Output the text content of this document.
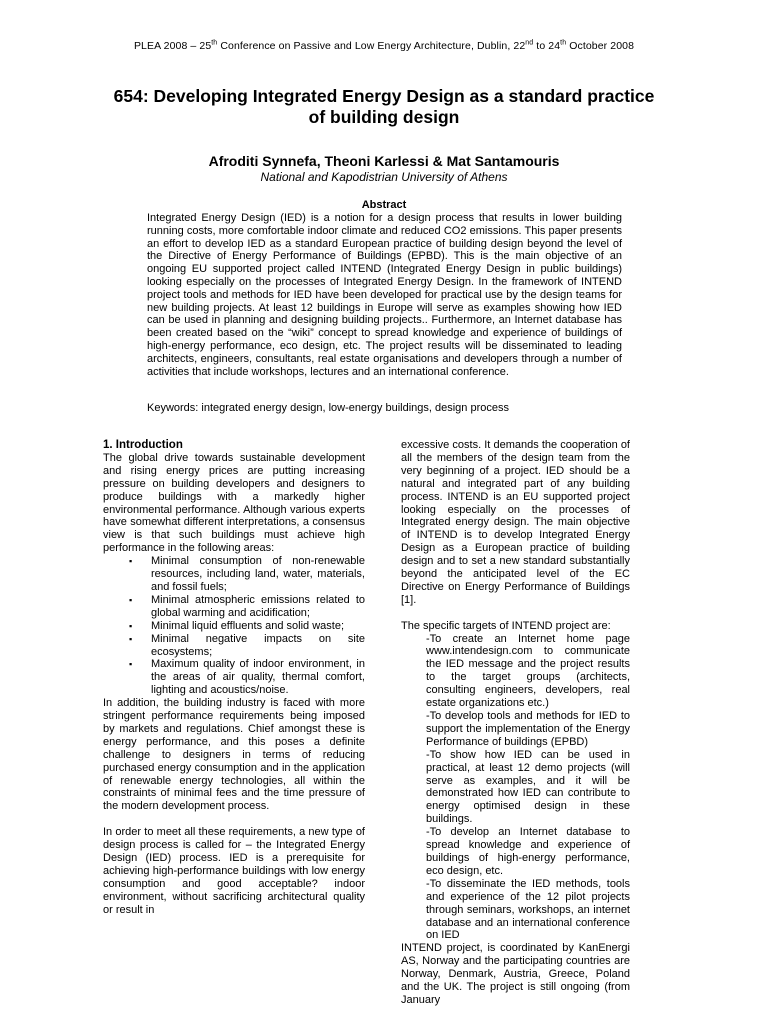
PLEA 2008 – 25th Conference on Passive and Low Energy Architecture, Dublin, 22nd to 24th October 2008
654: Developing Integrated Energy Design as a standard practice of building design
Afroditi Synnefa, Theoni Karlessi & Mat Santamouris
National and Kapodistrian University of Athens
Abstract
Integrated Energy Design (IED) is a notion for a design process that results in lower building running costs, more comfortable indoor climate and reduced CO2 emissions. This paper presents an effort to develop IED as a standard European practice of building design beyond the level of the Directive of Energy Performance of Buildings (EPBD). This is the main objective of an ongoing EU supported project called INTEND (Integrated Energy Design in public buildings) looking especially on the processes of Integrated Energy Design. In the framework of INTEND project tools and methods for IED have been developed for practical use by the design teams for new building projects. At least 12 buildings in Europe will serve as examples showing how IED can be used in planning and designing building projects.. Furthermore, an Internet database has been created based on the “wiki” concept to spread knowledge and experience of buildings of high-energy performance, eco design, etc. The project results will be disseminated to leading architects, engineers, consultants, real estate organisations and developers through a number of activities that include workshops, lectures and an international conference.
Keywords: integrated energy design, low-energy buildings, design process

1. Introduction

The global drive towards sustainable development and rising energy prices are putting increasing pressure on building developers and designers to produce buildings with a markedly higher environmental performance. Although various experts have somewhat different interpretations, a consensus view is that such buildings must achieve high performance in the following areas:

▪ Minimal consumption of non-renewable resources, including land, water, materials, and fossil fuels;
▪ Minimal atmospheric emissions related to global warming and acidification;
▪ Minimal liquid effluents and solid waste;
▪ Minimal negative impacts on site ecosystems;
▪ Maximum quality of indoor environment, in the areas of air quality, thermal comfort, lighting and acoustics/noise.

In addition, the building industry is faced with more stringent performance requirements being imposed by markets and regulations. Chief amongst these is energy performance, and this poses a definite challenge to designers in terms of reducing purchased energy consumption and in the application of renewable energy technologies, all within the constraints of minimal fees and the time pressure of the modern development process.

In order to meet all these requirements, a new type of design process is called for – the Integrated Energy Design (IED) process. IED is a prerequisite for achieving high-performance buildings with low energy consumption and good acceptable? indoor environment, without sacrificing architectural quality or result in

excessive costs. It demands the cooperation of all the members of the design team from the very beginning of a project. IED should be a natural and integrated part of any building process. INTEND is an EU supported project looking especially on the processes of Integrated energy design. The main objective of INTEND is to develop Integrated Energy Design as a European practice of building design and to set a new standard substantially beyond the anticipated level of the EC Directive on Energy Performance of Buildings [1].

The specific targets of INTEND project are:

-To create an Internet home page www.intendesign.com to communicate the IED message and the project results to the target groups (architects, consulting engineers, developers, real estate organizations etc.)

-To develop tools and methods for IED to support the implementation of the Energy Performance of buildings (EPBD)

-To show how IED can be used in practical, at least 12 demo projects (will serve as examples, and it will be demonstrated how IED can contribute to energy optimised design in these buildings.

-To develop an Internet database to spread knowledge and experience of buildings of high-energy performance, eco design, etc.

-To disseminate the IED methods, tools and experience of the 12 pilot projects through seminars, workshops, an internet database and an international conference on IED

INTEND project, is coordinated by KanEnergi AS, Norway and the participating countries are Norway, Denmark, Austria, Greece, Poland and the UK. The project is still ongoing (from January
